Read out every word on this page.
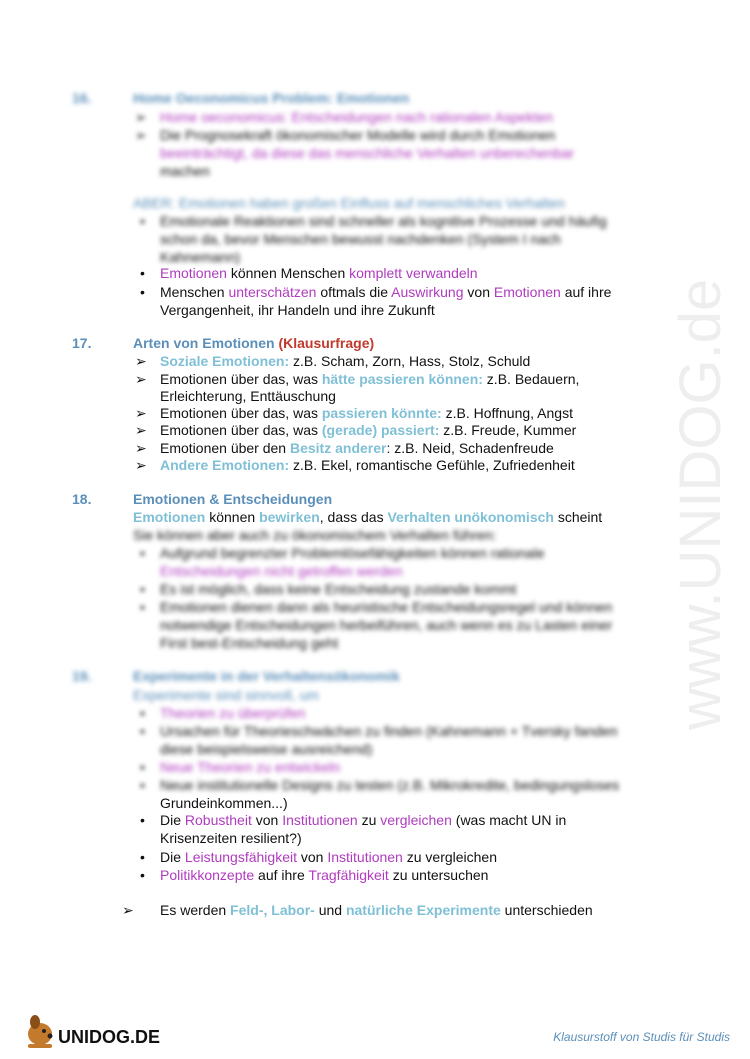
www.UNIDOG.de
16.	Home Oeconomicus Problem: Emotionen
➢ Home oeconomicus: Entscheidungen nach rationalen Aspekten
➢ Die Prognosekraft ökonomischer Modelle wird durch Emotionen
beeinträchtigt, da diese das menschliche Verhalten unberechenbar
machen
ABER: Emotionen haben großen Einfluss auf menschliches Verhalten
•	Emotionale Reaktionen sind schneller als kognitive Prozesse und häufig
schon da, bevor Menschen bewusst nachdenken (System I nach
Kahnemann)
•	Emotionen können Menschen komplett verwandeln
•	Menschen unterschätzen oftmals die Auswirkung von Emotionen auf ihre
Vergangenheit, ihr Handeln und ihre Zukunft
17.	Arten von Emotionen (Klausurfrage)
➢ Soziale Emotionen: z.B. Scham, Zorn, Hass, Stolz, Schuld
➢ Emotionen über das, was hätte passieren können: z.B. Bedauern,
Erleichterung, Enttäuschung
➢ Emotionen über das, was passieren könnte: z.B. Hoffnung, Angst
➢ Emotionen über das, was (gerade) passiert: z.B. Freude, Kummer
➢ Emotionen über den Besitz anderer: z.B. Neid, Schadenfreude
➢ Andere Emotionen: z.B. Ekel, romantische Gefühle, Zufriedenheit
18.	Emotionen & Entscheidungen
Emotionen können bewirken, dass das Verhalten unökonomisch scheint
Sie können aber auch zu ökonomischem Verhalten führen:
•	Aufgrund begrenzter Problemlösefähigkeiten können rationale
Entscheidungen nicht getroffen werden
•	Es ist möglich, dass keine Entscheidung zustande kommt
•	Emotionen dienen dann als heuristische Entscheidungsregel und können
notwendige Entscheidungen herbeiführen, auch wenn es zu Lasten einer
First best-Entscheidung geht
19.	Experimente in der Verhaltensökonomik
Experimente sind sinnvoll, um
•	Theorien zu überprüfen
•	Ursachen für Theorieschwächen zu finden (Kahnemann + Tversky fanden
diese beispielsweise ausreichend)
•	Neue Theorien zu entwickeln
•	Neue institutionelle Designs zu testen (z.B. Mikrokredite, bedingungsloses
Grundeinkommen...)
•	Die Robustheit von Institutionen zu vergleichen (was macht UN in
Krisenzeiten resilient?)
•	Die Leistungsfähigkeit von Institutionen zu vergleichen
•	Politikkonzepte auf ihre Tragfähigkeit zu untersuchen
➢	Es werden Feld-, Labor- und natürliche Experimente unterschieden
UNIDOG.DE	Klausurstoff von Studis für Studis
